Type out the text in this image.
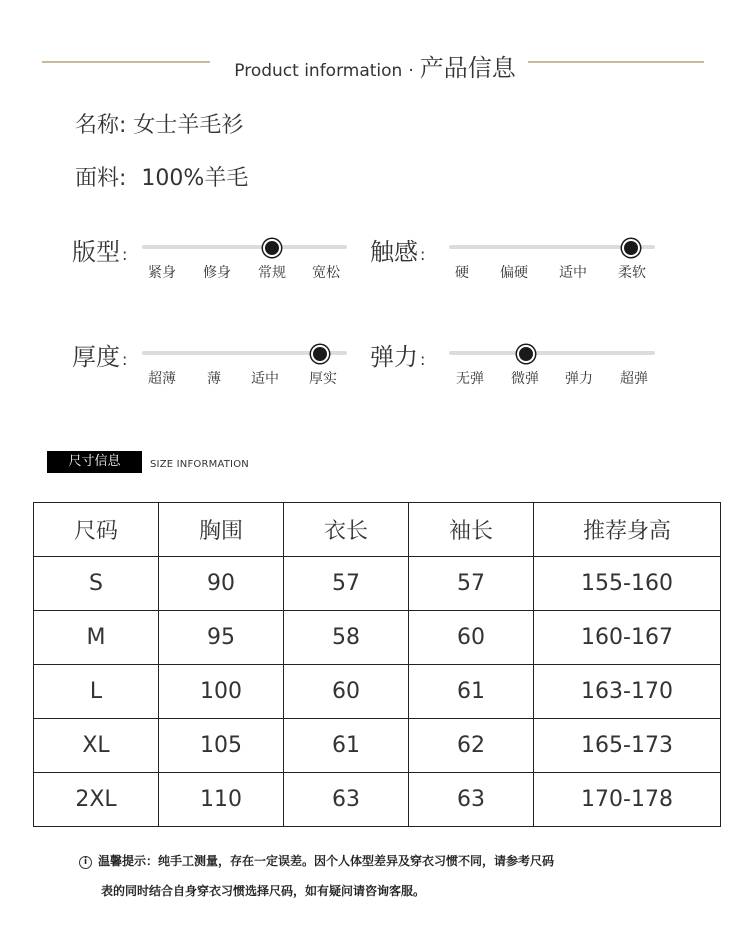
Product information · 产品信息
名称: 女士羊毛衫
面料: 100%羊毛
版型 :
紧身 修身 常规 宽松
触感 :
硬 偏硬 适中 柔软
厚度 :
超薄 薄 适中 厚实
弹力 :
无弹 微弹 弹力 超弹
尺寸信息	SIZE INFORMATION
尺码	胸围	衣长	袖长	推荐身高
S	90	57	57	155-160
M	95	58	60	160-167
L	100	60	61	163-170
XL	105	61	62	165-173
2XL	110	63	63	170-178
i 温馨提示：纯手工测量，存在一定误差。因个人体型差异及穿衣习惯不同，请参考尺码
表的同时结合自身穿衣习惯选择尺码，如有疑问请咨询客服。
